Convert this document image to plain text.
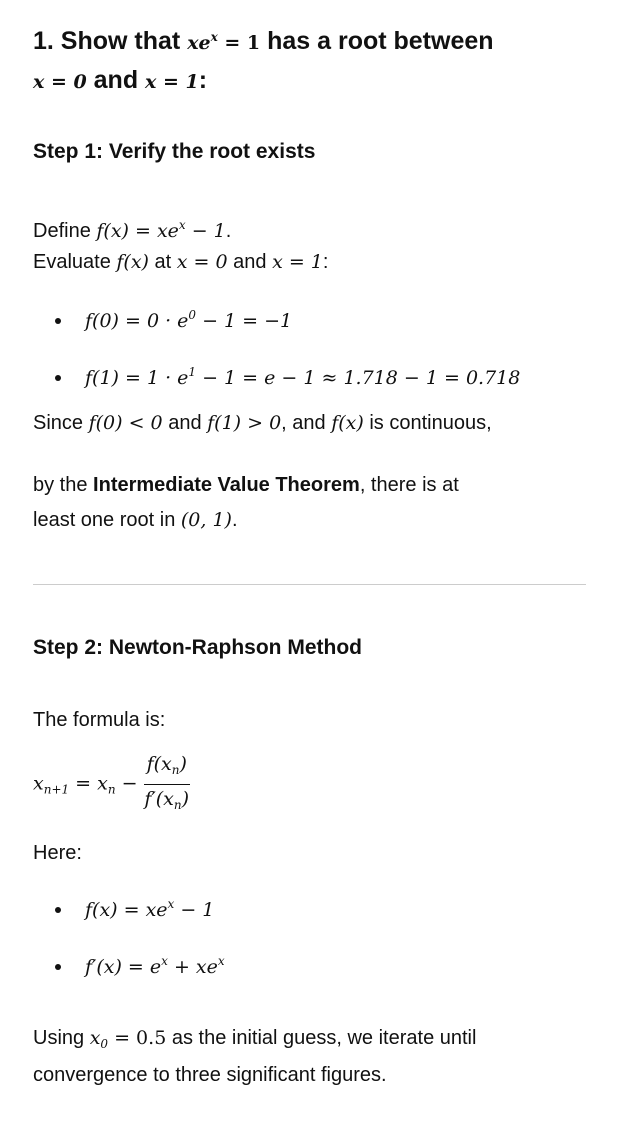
1. Show that $xe^x = 1$ has a root between
x = 0 and x = 1:
Step 1: Verify the root exists
Define $f(x) = xe^x - 1$.
Evaluate f(x) at x = 0 and x = 1:
$f(0) = 0 \cdot e^0 - 1 = -1$
$f(1) = 1 \cdot e^1 - 1 = e - 1 \approx 1.718 - 1 = 0.718$
Since f(0) < 0 and f(1) > 0, and f(x) is continuous,
by the Intermediate Value Theorem, there is at
least one root in (0, 1).
Step 2: Newton-Raphson Method
The formula is:
$x_{n+1} = x_n - \frac{f(x_n)}{f'(x_n)}$
Here:
$f(x) = xe^x - 1$
$f'(x) = e^x + xe^x$
Using $x_0 = 0.5$ as the initial guess, we iterate until
convergence to three significant figures.
